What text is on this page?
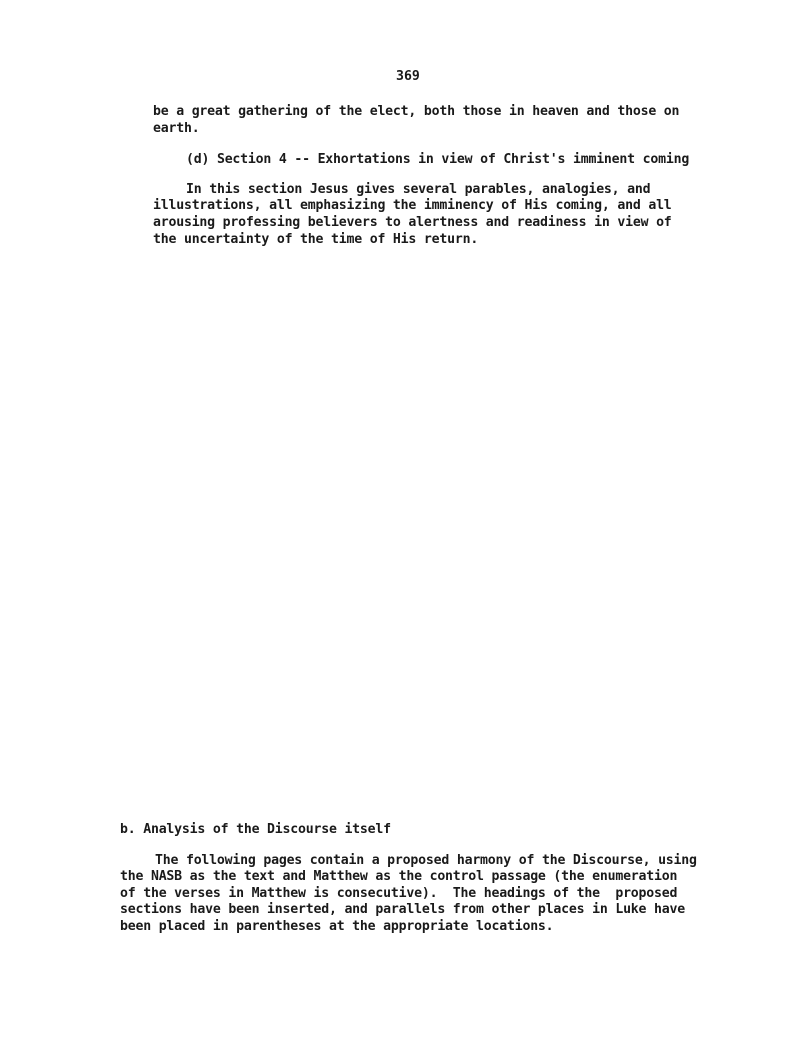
369
be a great gathering of the elect, both those in heaven and those on
earth.
(d) Section 4 -- Exhortations in view of Christ's imminent coming
In this section Jesus gives several parables, analogies, and
illustrations, all emphasizing the imminency of His coming, and all
arousing professing believers to alertness and readiness in view of
the uncertainty of the time of His return.
b. Analysis of the Discourse itself
The following pages contain a proposed harmony of the Discourse, using
the NASB as the text and Matthew as the control passage (the enumeration
of the verses in Matthew is consecutive).  The headings of the  proposed
sections have been inserted, and parallels from other places in Luke have
been placed in parentheses at the appropriate locations.
